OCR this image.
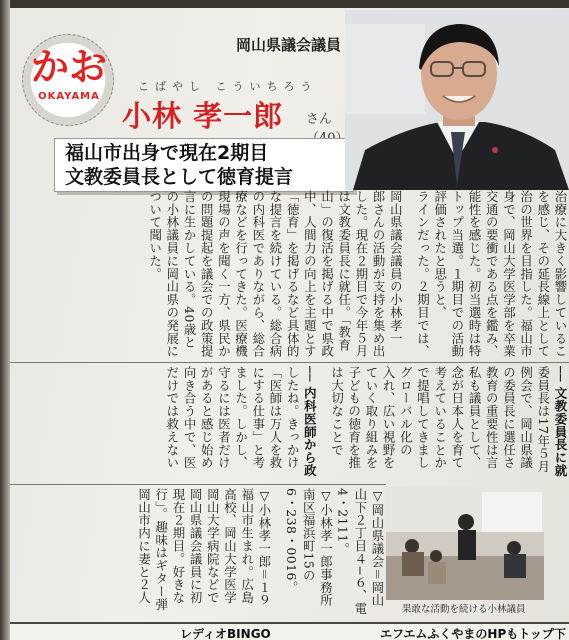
かお
OKAYAMA
岡山県議会議員
こばやし こういちろう
小林 孝一郎 さん
福山市出身で現在2期目
文教委員長として徳育提言
治療に大きく影響しているこ
を感じ、その延長線上として
治の世界を目指した。福山市
身で、岡山大学医学部を卒業
交通の要衝である点を鑑み、
能性を感じた。初当選時は特
トップ当選。１期目での活動
評価されたと思うと、
ラインだった。２期目では、
岡山県議会議員の小林孝一
郎さんの活動が支持を集め出
した。現在２期目で今年５月
は文教委員長に就任。「教育
山」の復活を掲げる中で県政
中、人間力の向上を主題とす
「徳育」を掲げるなど具体的
な提言を続けている。総合病
の内科医でありながら、総合
療などを行ってきた。医療機
現場の声を聞く一方、県民か
の問題提起を議会での政策提
言に生かしている。40歳と
の小林議員に岡山県の発展に
ついて聞いた。
── 文教委員長に就
委員長は17年５月
例会で、岡山県議
の委員長に選任さ
教育の重要性は言
私も議員として、
念が日本人を育て
考えていることか
で提唱してきまし
グローバル化の
入れ、広い視野を
ていく取り組みを
子どもの徳育を推
は大切なことで
── 内科医師から政
したね。きっかけ
「医師は万人を救
にする仕事」と考
ました。しかし、
守るには医者だけ
があると感じ始め
向き合う中で、医
だけでは救えない
▽岡山県議会＝岡山
山下２丁目４−６、電
4・2111。
▽小林孝一郎事務所
南区福浜町15の
6・238・0016。
▽小林孝一郎＝１９
福山市生まれ。広島
高校、岡山大学医学
岡山大学病院などで
岡山県議会議員に初
現在２期目。好きな
行」。趣味はギター弾
岡山市内に妻と２人
果敢な活動を続ける小林議員
レディオBINGO	エフエムふくやまのHPもトップ下
